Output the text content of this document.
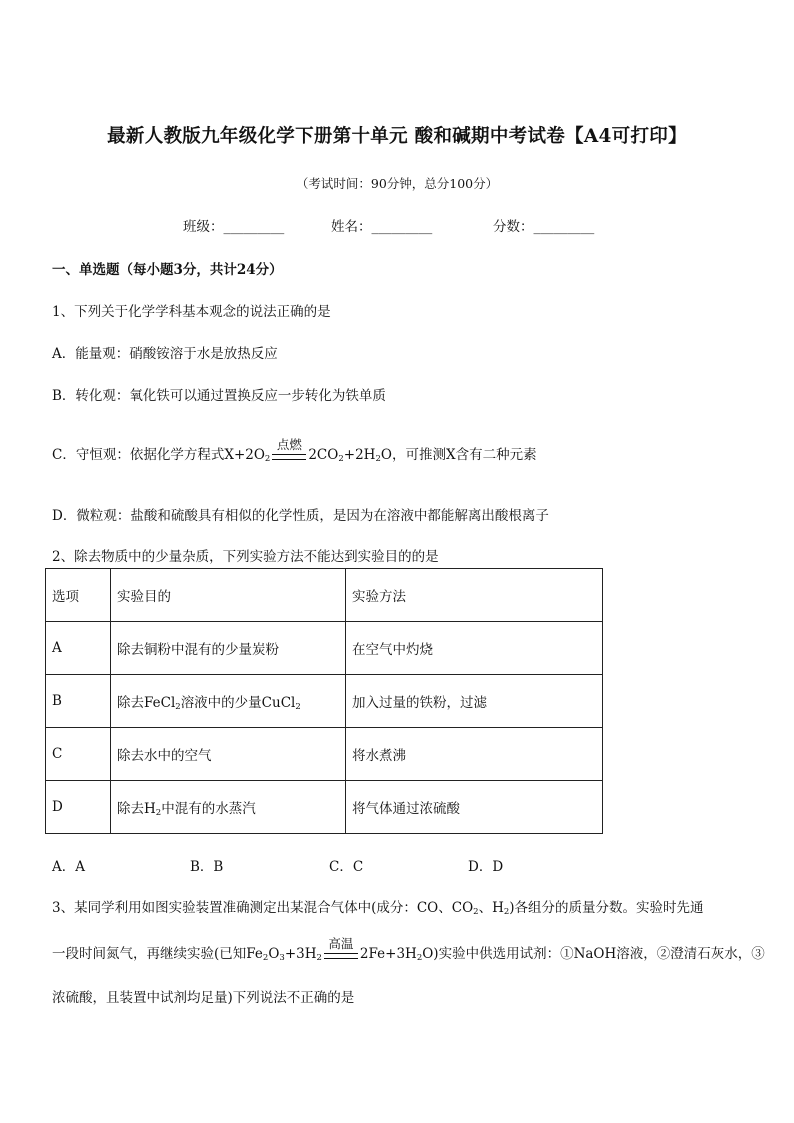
最新人教版九年级化学下册第十单元 酸和碱期中考试卷【A4可打印】
（考试时间：90分钟，总分100分）
班级：_________	姓名：_________	分数：_________
一、单选题（每小题3分，共计24分）
1、下列关于化学学科基本观念的说法正确的是
A．能量观：硝酸铵溶于水是放热反应
B．转化观：氧化铁可以通过置换反应一步转化为铁单质
C．守恒观：依据化学方程式$X+2O_2$
点燃
$2CO_2+2H_2O$，可推测X含有二种元素
D．微粒观：盐酸和硫酸具有相似的化学性质，是因为在溶液中都能解离出酸根离子
2、除去物质中的少量杂质，下列实验方法不能达到实验目的的是
选项	实验目的	实验方法
A	除去铜粉中混有的少量炭粉	在空气中灼烧
B	除去FeCl$_2$溶液中的少量CuCl$_2$	加入过量的铁粉，过滤
C	除去水中的空气	将水煮沸
D	除去$H_2$中混有的水蒸汽	将气体通过浓硫酸
A．A	B．B	C．C	D．D
3、某同学利用如图实验装置准确测定出某混合气体中(成分：CO、$CO_2$、$H_2$)各组分的质量分数。实验时先通
一段时间氮气，再继续实验(已知$Fe_2O_3+3H_2$
高温
$2Fe+3H_2O$)实验中供选用试剂：①NaOH溶液，②澄清石灰水，③
浓硫酸，且装置中试剂均足量)下列说法不正确的是
